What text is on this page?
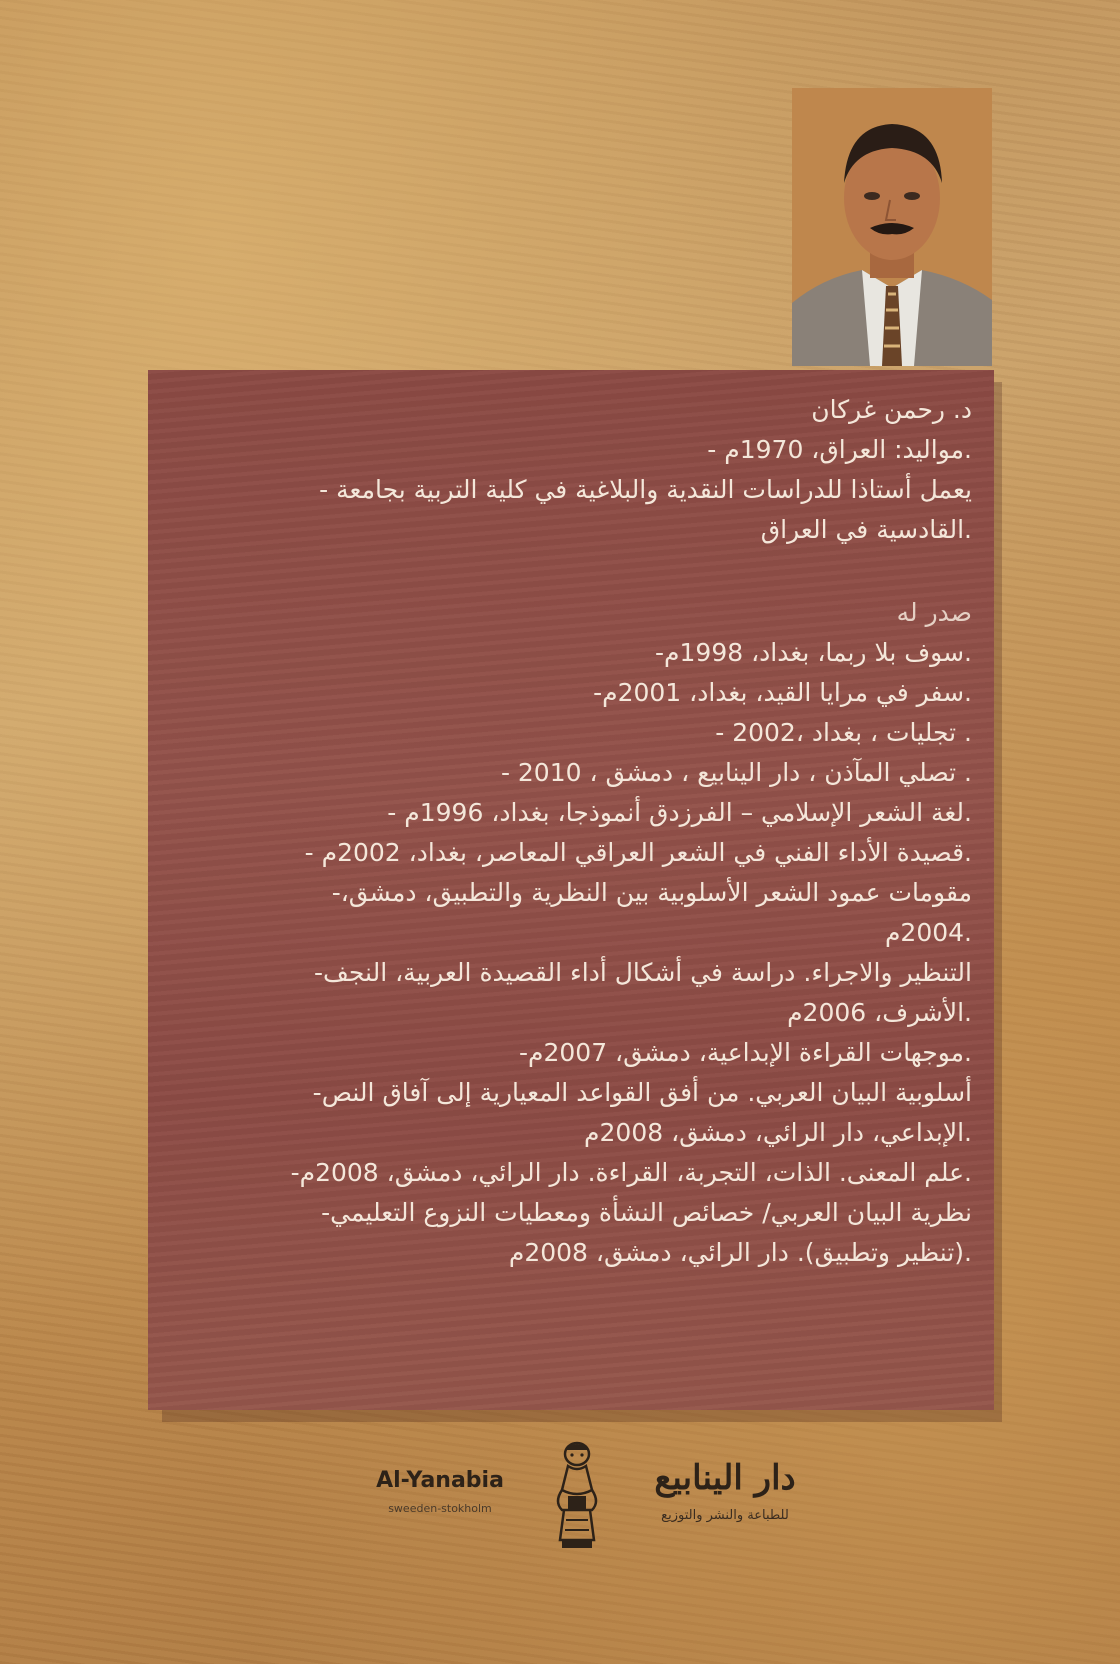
د. رحمن غركان
.مواليد: العراق، 1970م -
يعمل أستاذا للدراسات النقدية والبلاغية في كلية التربية بجامعة -
.القادسية في العراق
صدر له
.سوف بلا ربما، بغداد، 1998م-
.سفر في مرايا القيد، بغداد، 2001م-
. تجليات ، بغداد ،2002 -
. تصلي المآذن ، دار الينابيع ، دمشق ، 2010 -
.لغة الشعر الإسلامي – الفرزدق أنموذجا، بغداد، 1996م -
.قصيدة الأداء الفني في الشعر العراقي المعاصر، بغداد، 2002م -
مقومات عمود الشعر الأسلوبية بين النظرية والتطبيق، دمشق،-
.2004م
التنظير والاجراء. دراسة في أشكال أداء القصيدة العربية، النجف-
.الأشرف، 2006م
.موجهات القراءة الإبداعية، دمشق، 2007م-
أسلوبية البيان العربي. من أفق القواعد المعيارية إلى آفاق النص-
.الإبداعي، دار الرائي، دمشق، 2008م
.علم المعنى. الذات، التجربة، القراءة. دار الرائي، دمشق، 2008م-
نظرية البيان العربي/ خصائص النشأة ومعطيات النزوع التعليمي-
.(تنظير وتطبيق). دار الرائي، دمشق، 2008م
Al-Yanabia
sweeden-stokholm
دار الينابيع
للطباعة والنشر والتوزيع
